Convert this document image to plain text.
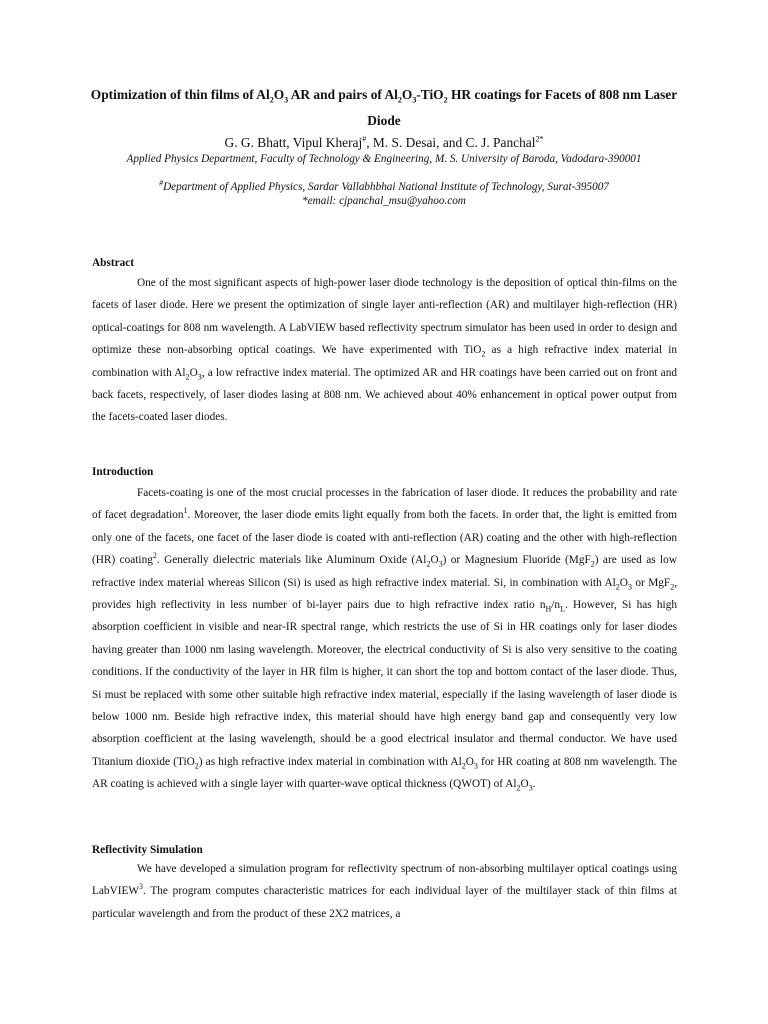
Optimization of thin films of $Al_2O_3$ AR and pairs of $Al_2O_3-TiO_2$ HR coatings for Facets of 808 nm Laser Diode
G. G. Bhatt, Vipul Kheraj#, M. S. Desai, and C. J. Panchal$^{2*}$
Applied Physics Department, Faculty of Technology & Engineering, M. S. University of Baroda, Vadodara-390001
#Department of Applied Physics, Sardar Vallabhbhai National Institute of Technology, Surat-395007
*email: cjpanchal_msu@yahoo.com
Abstract

One of the most significant aspects of high-power laser diode technology is the deposition of optical thin-films on the facets of laser diode. Here we present the optimization of single layer anti-reflection (AR) and multilayer high-reflection (HR) optical-coatings for 808 nm wavelength. A LabVIEW based reflectivity spectrum simulator has been used in order to design and optimize these non-absorbing optical coatings. We have experimented with TiO$_2$ as a high refractive index material in combination with $Al_2O_3$, a low refractive index material. The optimized AR and HR coatings have been carried out on front and back facets, respectively, of laser diodes lasing at 808 nm. We achieved about 40% enhancement in optical power output from the facets-coated laser diodes.

Introduction

Facets-coating is one of the most crucial processes in the fabrication of laser diode. It reduces the probability and rate of facet degradation$^1$. Moreover, the laser diode emits light equally from both the facets. In order that, the light is emitted from only one of the facets, one facet of the laser diode is coated with anti-reflection (AR) coating and the other with high-reflection (HR) coating$^2$. Generally dielectric materials like Aluminum Oxide $(Al_2O_3)$ or Magnesium Fluoride (MgF$_2$) are used as low refractive index material whereas Silicon (Si) is used as high refractive index material. Si, in combination with $Al_2O_3$ or MgF$_2$, provides high reflectivity in less number of bi-layer pairs due to high refractive index ratio $n_H/n_L$. However, Si has high absorption coefficient in visible and near-IR spectral range, which restricts the use of Si in HR coatings only for laser diodes having greater than 1000 nm lasing wavelength. Moreover, the electrical conductivity of Si is also very sensitive to the coating conditions. If the conductivity of the layer in HR film is higher, it can short the top and bottom contact of the laser diode. Thus, Si must be replaced with some other suitable high refractive index material, especially if the lasing wavelength of laser diode is below 1000 nm. Beside high refractive index, this material should have high energy band gap and consequently very low absorption coefficient at the lasing wavelength, should be a good electrical insulator and thermal conductor. We have used Titanium dioxide (TiO$_2$) as high refractive index material in combination with $Al_2O_3$ for HR coating at 808 nm wavelength. The AR coating is achieved with a single layer with quarter-wave optical thickness (QWOT) of $Al_2O_3$.

Reflectivity Simulation

We have developed a simulation program for reflectivity spectrum of non-absorbing multilayer optical coatings using LabVIEW$^3$. The program computes characteristic matrices for each individual layer of the multilayer stack of thin films at particular wavelength and from the product of these 2X2 matrices, a
